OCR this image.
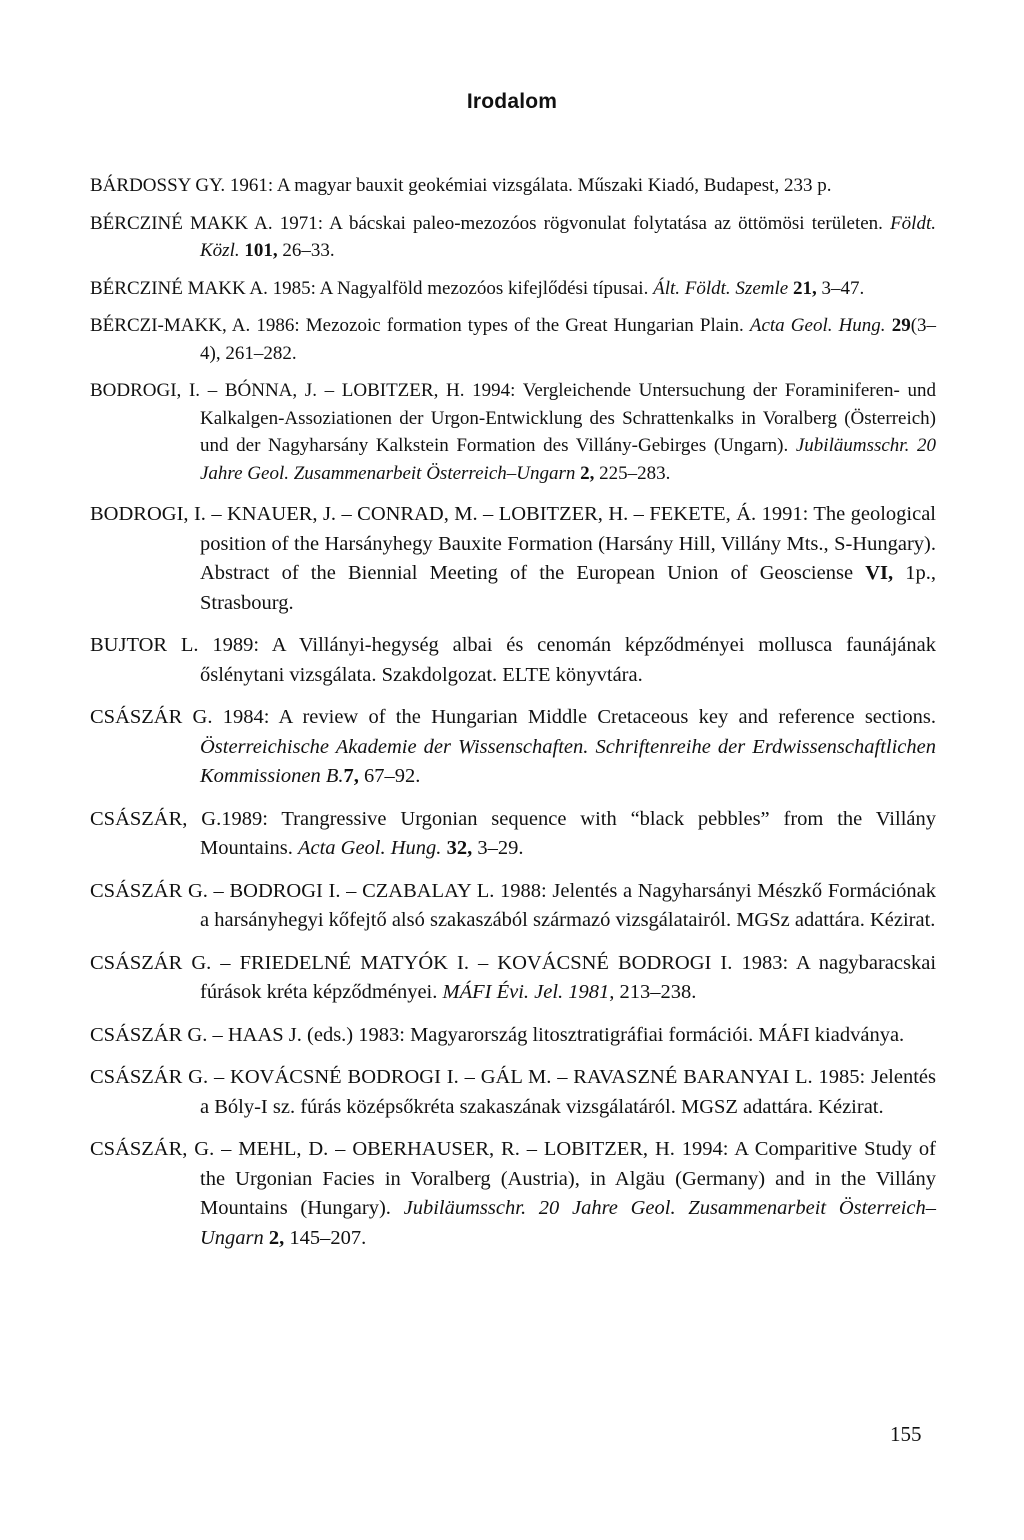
Irodalom
BÁRDOSSY GY. 1961: A magyar bauxit geokémiai vizsgálata. Műszaki Kiadó, Budapest, 233 p.
BÉRCZINÉ MAKK A. 1971: A bácskai paleo-mezozóos rögvonulat folytatása az öttömösi területen. Földt. Közl. 101, 26–33.
BÉRCZINÉ MAKK A. 1985: A Nagyalföld mezozóos kifejlődési típusai. Ált. Földt. Szemle 21, 3–47.
BÉRCZI-MAKK, A. 1986: Mezozoic formation types of the Great Hungarian Plain. Acta Geol. Hung. 29(3–4), 261–282.
BODROGI, I. – BÓNNA, J. – LOBITZER, H. 1994: Vergleichende Untersuchung der Foraminiferen- und Kalkalgen-Assoziationen der Urgon-Entwicklung des Schrattenkalks in Voralberg (Österreich) und der Nagyharsány Kalkstein Formation des Villány-Gebirges (Ungarn). Jubiläumsschr. 20 Jahre Geol. Zusammenarbeit Österreich–Ungarn 2, 225–283.
BODROGI, I. – KNAUER, J. – CONRAD, M. – LOBITZER, H. – FEKETE, Á. 1991: The geological position of the Harsányhegy Bauxite Formation (Harsány Hill, Villány Mts., S-Hungary). Abstract of the Biennial Meeting of the European Union of Geosciense VI, 1p., Strasbourg.
BUJTOR L. 1989: A Villányi-hegység albai és cenomán képződményei mollusca faunájának őslénytani vizsgálata. Szakdolgozat. ELTE könyvtára.
CSÁSZÁR G. 1984: A review of the Hungarian Middle Cretaceous key and reference sections. Österreichische Akademie der Wissenschaften. Schriftenreihe der Erdwissenschaftlichen Kommissionen B.7, 67–92.
CSÁSZÁR, G.1989: Trangressive Urgonian sequence with “black pebbles” from the Villány Mountains. Acta Geol. Hung. 32, 3–29.
CSÁSZÁR G. – BODROGI I. – CZABALAY L. 1988: Jelentés a Nagyharsányi Mészkő Formációnak a harsányhegyi kőfejtő alsó szakaszából származó vizsgálatairól. MGSz adattára. Kézirat.
CSÁSZÁR G. – FRIEDELNÉ MATYÓK I. – KOVÁCSNÉ BODROGI I. 1983: A nagybaracskai fúrások kréta képződményei. MÁFI Évi. Jel. 1981, 213–238.
CSÁSZÁR G. – HAAS J. (eds.) 1983: Magyarország litosztratigráfiai formációi. MÁFI kiadványa.
CSÁSZÁR G. – KOVÁCSNÉ BODROGI I. – GÁL M. – RAVASZNÉ BARANYAI L. 1985: Jelentés a Bóly-I sz. fúrás középsőkréta szakaszának vizsgálatáról. MGSZ adattára. Kézirat.
CSÁSZÁR, G. – MEHL, D. – OBERHAUSER, R. – LOBITZER, H. 1994: A Comparitive Study of the Urgonian Facies in Voralberg (Austria), in Algäu (Germany) and in the Villány Mountains (Hungary). Jubiläumsschr. 20 Jahre Geol. Zusammenarbeit Österreich–Ungarn 2, 145–207.
155
